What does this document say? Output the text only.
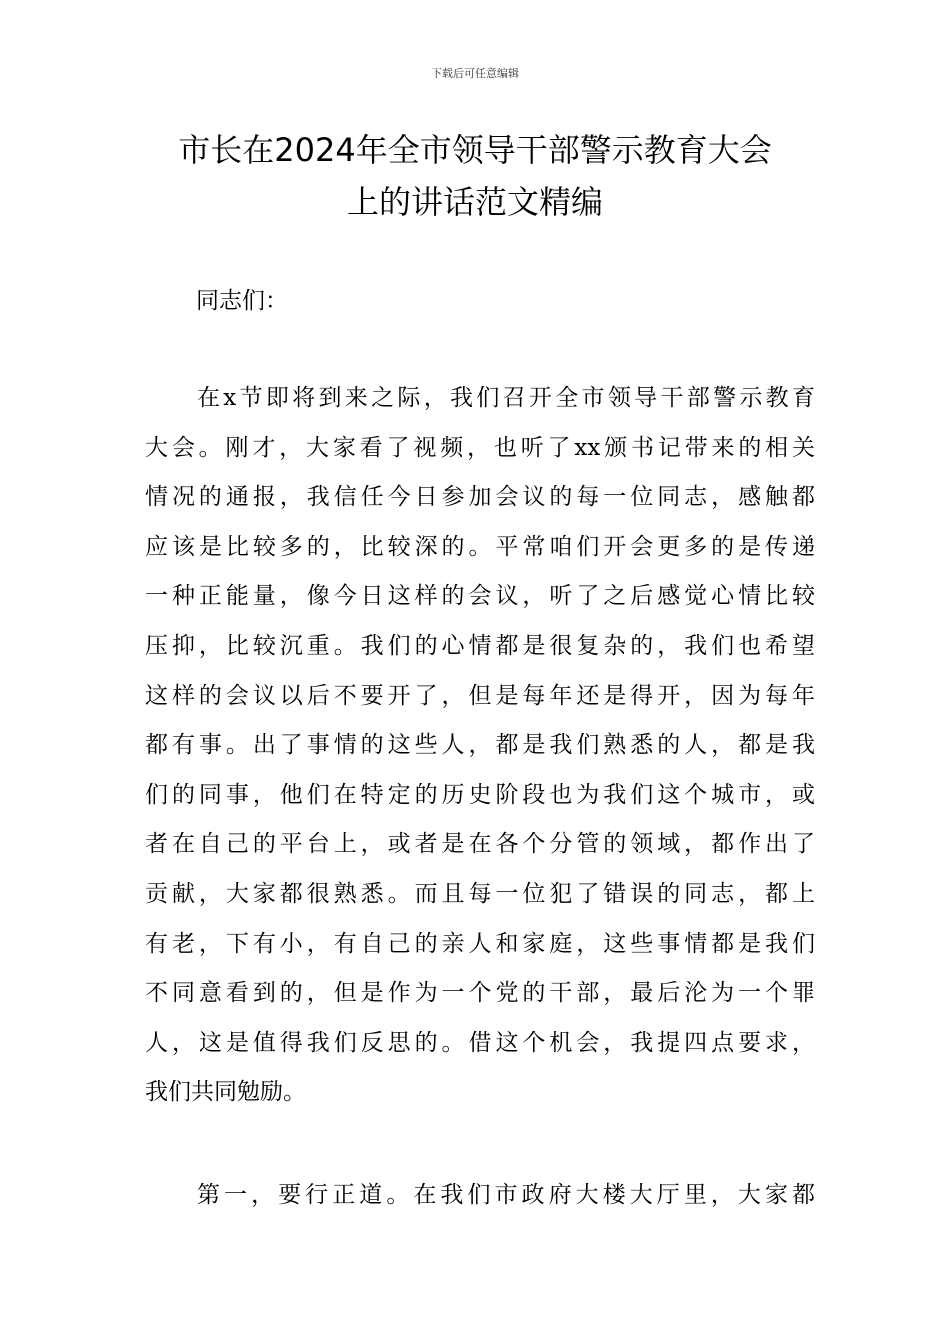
下载后可任意编辑
市长在2024年全市领导干部警示教育大会
上的讲话范文精编

同志们：

在x节即将到来之际，我们召开全市领导干部警示教育
大会。刚才，大家看了视频，也听了xx颁书记带来的相关
情况的通报，我信任今日参加会议的每一位同志，感触都
应该是比较多的，比较深的。平常咱们开会更多的是传递
一种正能量，像今日这样的会议，听了之后感觉心情比较
压抑，比较沉重。我们的心情都是很复杂的，我们也希望
这样的会议以后不要开了，但是每年还是得开，因为每年
都有事。出了事情的这些人，都是我们熟悉的人，都是我
们的同事，他们在特定的历史阶段也为我们这个城市，或
者在自己的平台上，或者是在各个分管的领域，都作出了
贡献，大家都很熟悉。而且每一位犯了错误的同志，都上
有老，下有小，有自己的亲人和家庭，这些事情都是我们
不同意看到的，但是作为一个党的干部，最后沦为一个罪
人，这是值得我们反思的。借这个机会，我提四点要求，
我们共同勉励。
第一，要行正道。在我们市政府大楼大厅里，大家都
